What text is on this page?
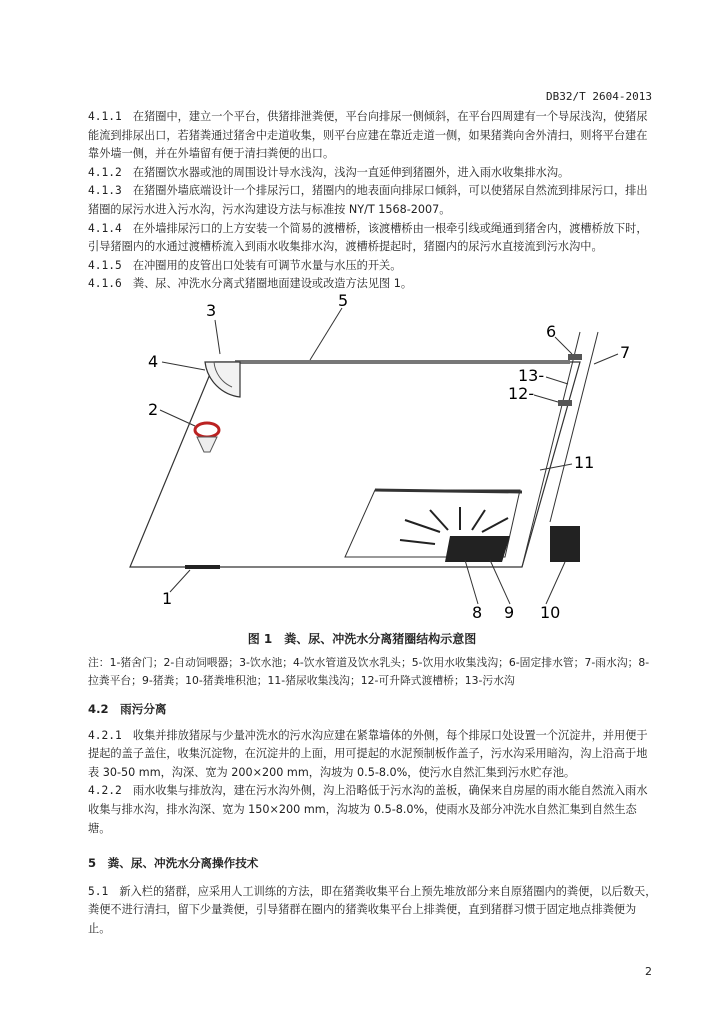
DB32/T 2604-2013

4.1.1　 在猪圈中，建立一个平台，供猪排泄粪便，平台向排尿一侧倾斜，在平台四周建有一个导尿浅沟，使猪尿能流到排尿出口，若猪粪通过猪舍中走道收集，则平台应建在靠近走道一侧，如果猪粪向舍外清扫，则将平台建在靠外墙一侧，并在外墙留有便于清扫粪便的出口。

4.1.2　 在猪圈饮水器或池的周围设计导水浅沟，浅沟一直延伸到猪圈外，进入雨水收集排水沟。

4.1.3　 在猪圈外墙底端设计一个排尿污口，猪圈内的地表面向排尿口倾斜，可以使猪尿自然流到排尿污口，排出猪圈的尿污水进入污水沟，污水沟建设方法与标准按 NY/T 1568-2007。

4.1.4　 在外墙排尿污口的上方安装一个简易的渡槽桥，该渡槽桥由一根牵引线或绳通到猪舍内，渡槽桥放下时，引导猪圈内的水通过渡槽桥流入到雨水收集排水沟，渡槽桥提起时，猪圈内的尿污水直接流到污水沟中。

4.1.5　 在冲圈用的皮管出口处装有可调节水量与水压的开关。

4.1.6　 粪、尿、冲洗水分离式猪圈地面建设或改造方法见图 1。

1
2
3
4
5
6
7
13-
12-
11
8 9 10
图 1　粪、尿、冲洗水分离猪圈结构示意图
注：1-猪舍门；2-自动饲喂器；3-饮水池；4-饮水管道及饮水乳头；5-饮用水收集浅沟；6-固定排水管；7-雨水沟；8-拉粪平台；9-猪粪；10-猪粪堆积池；11-猪尿收集浅沟；12-可升降式渡槽桥；13-污水沟

4.2　雨污分离

4.2.1　 收集并排放猪尿与少量冲洗水的污水沟应建在紧靠墙体的外侧，每个排尿口处设置一个沉淀井，并用便于提起的盖子盖住，收集沉淀物，在沉淀井的上面，用可提起的水泥预制板作盖子，污水沟采用暗沟，沟上沿高于地表 30-50 mm，沟深、宽为 200×200 mm，沟坡为 0.5-8.0%，使污水自然汇集到污水贮存池。

4.2.2　 雨水收集与排放沟，建在污水沟外侧，沟上沿略低于污水沟的盖板，确保来自房屋的雨水能自然流入雨水收集与排水沟，排水沟深、宽为 150×200 mm，沟坡为 0.5-8.0%，使雨水及部分冲洗水自然汇集到自然生态塘。

5　粪、尿、冲洗水分离操作技术

5.1　 新入栏的猪群，应采用人工训练的方法，即在猪粪收集平台上预先堆放部分来自原猪圈内的粪便，以后数天，粪便不进行清扫，留下少量粪便，引导猪群在圈内的猪粪收集平台上排粪便，直到猪群习惯于固定地点排粪便为止。

2
